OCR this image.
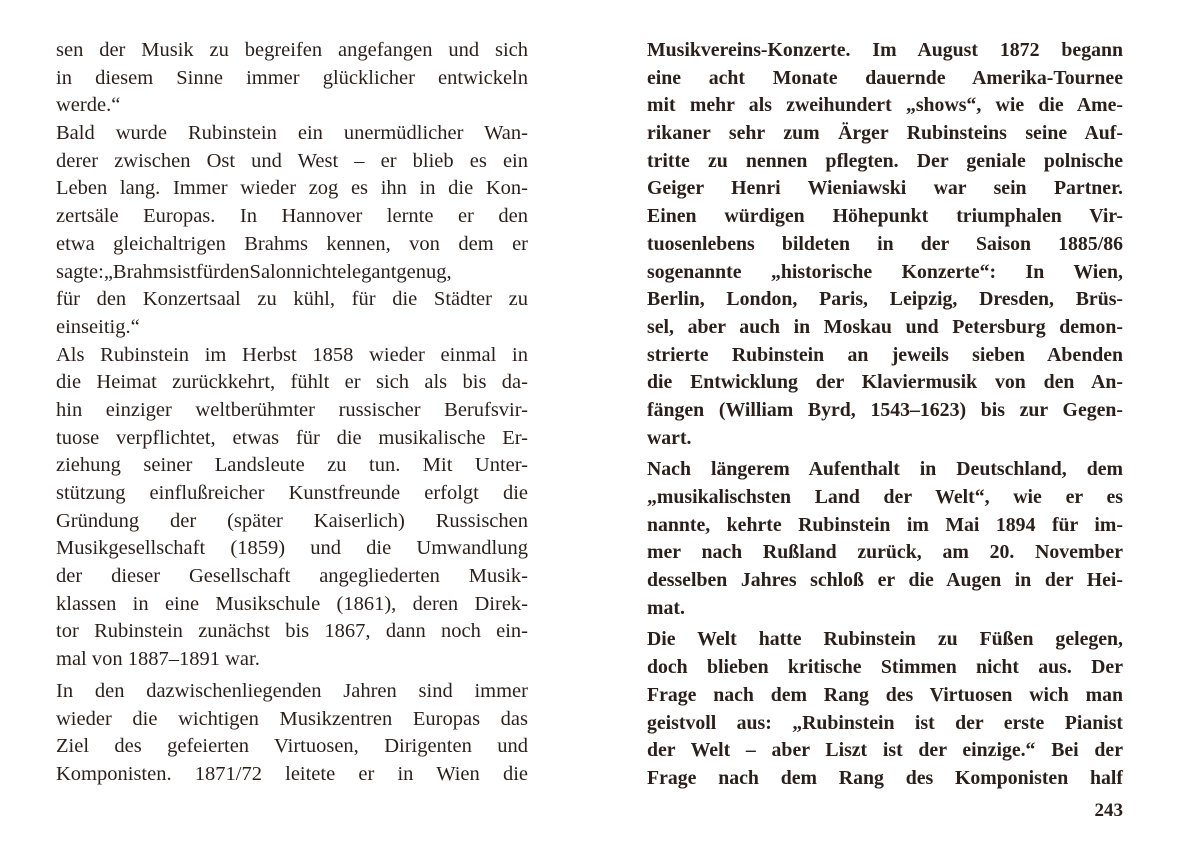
sen der Musik zu begreifen angefangen und sich
in diesem Sinne immer glücklicher entwickeln
werde.“
Bald wurde Rubinstein ein unermüdlicher Wan-
derer zwischen Ost und West – er blieb es ein
Leben lang. Immer wieder zog es ihn in die Kon-
zertsäle Europas. In Hannover lernte er den
etwa gleichaltrigen Brahms kennen, von dem er
sagte:„BrahmsistfürdenSalonnichtelegantgenug,
für den Konzertsaal zu kühl, für die Städter zu
einseitig.“
Als Rubinstein im Herbst 1858 wieder einmal in
die Heimat zurückkehrt, fühlt er sich als bis da-
hin einziger weltberühmter russischer Berufsvir-
tuose verpflichtet, etwas für die musikalische Er-
ziehung seiner Landsleute zu tun. Mit Unter-
stützung einflußreicher Kunstfreunde erfolgt die
Gründung der (später Kaiserlich) Russischen
Musikgesellschaft (1859) und die Umwandlung
der dieser Gesellschaft angegliederten Musik-
klassen in eine Musikschule (1861), deren Direk-
tor Rubinstein zunächst bis 1867, dann noch ein-
mal von 1887–1891 war.
In den dazwischenliegenden Jahren sind immer
wieder die wichtigen Musikzentren Europas das
Ziel des gefeierten Virtuosen, Dirigenten und
Komponisten. 1871/72 leitete er in Wien die
Musikvereins-Konzerte. Im August 1872 begann
eine acht Monate dauernde Amerika-Tournee
mit mehr als zweihundert „shows“, wie die Ame-
rikaner sehr zum Ärger Rubinsteins seine Auf-
tritte zu nennen pflegten. Der geniale polnische
Geiger Henri Wieniawski war sein Partner.
Einen würdigen Höhepunkt triumphalen Vir-
tuosenlebens bildeten in der Saison 1885/86
sogenannte „historische Konzerte“: In Wien,
Berlin, London, Paris, Leipzig, Dresden, Brüs-
sel, aber auch in Moskau und Petersburg demon-
strierte Rubinstein an jeweils sieben Abenden
die Entwicklung der Klaviermusik von den An-
fängen (William Byrd, 1543–1623) bis zur Gegen-
wart.
Nach längerem Aufenthalt in Deutschland, dem
„musikalischsten Land der Welt“, wie er es
nannte, kehrte Rubinstein im Mai 1894 für im-
mer nach Rußland zurück, am 20. November
desselben Jahres schloß er die Augen in der Hei-
mat.
Die Welt hatte Rubinstein zu Füßen gelegen,
doch blieben kritische Stimmen nicht aus. Der
Frage nach dem Rang des Virtuosen wich man
geistvoll aus: „Rubinstein ist der erste Pianist
der Welt – aber Liszt ist der einzige.“ Bei der
Frage nach dem Rang des Komponisten half
243
